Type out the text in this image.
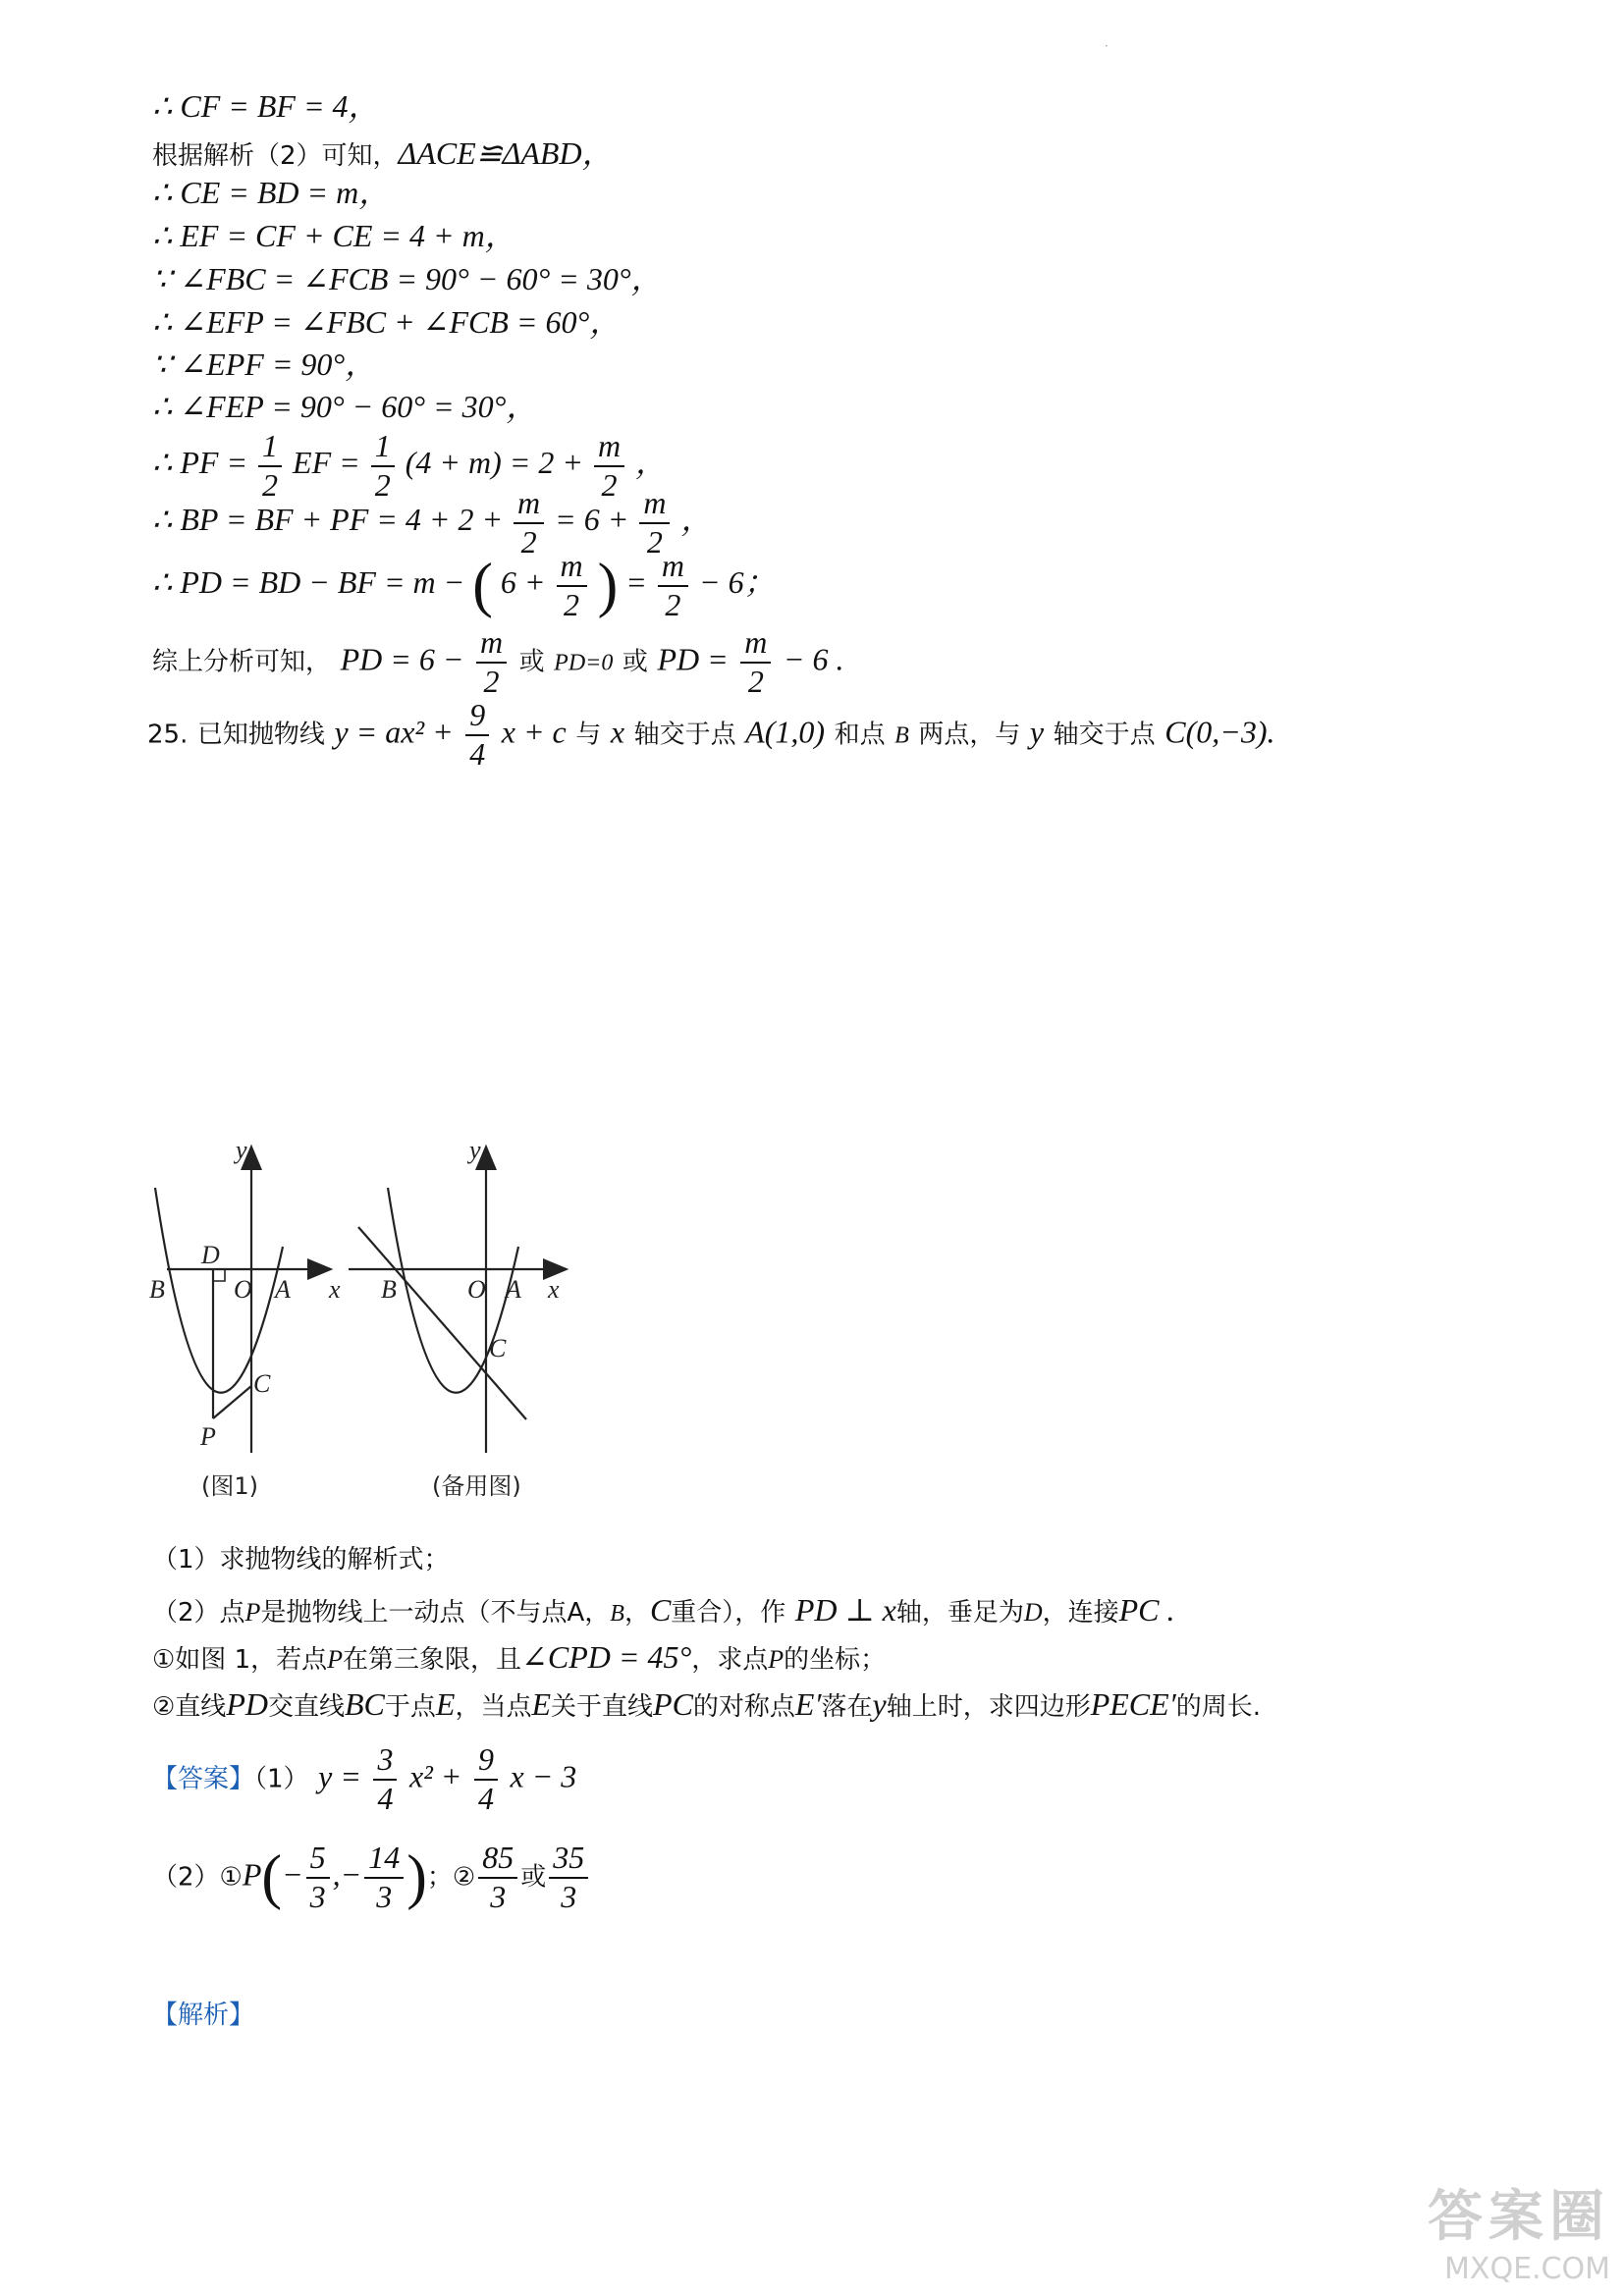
·
∴ CF = BF = 4，
根据解析（2）可知，ΔACE≌ΔABD，
∴ CE = BD = m，
∴ EF = CF + CE = 4 + m，
∵ ∠FBC = ∠FCB = 90° − 60° = 30°，
∴ ∠EFP = ∠FBC + ∠FCB = 60°，
∵ ∠EPF = 90°，
∴ ∠FEP = 90° − 60° = 30°，
∴ PF = $\frac{1}{2}$ EF = $\frac{1}{2} (4 + m) = 2 + \frac{m}{2}$ ，
∴ BP = BF + PF = $4 + 2 + \frac{m}{2} = 6 + \frac{m}{2}$ ，
∴ PD = BD − BF = m − ( $6 + \frac{m}{2}$ ) = $\frac{m}{2} - 6$；
综上分析可知， PD = $6 - \frac{m}{2}$ 或 PD=0 或 PD = $\frac{m}{2} - 6$ .
25. 已知抛物线 $y = ax^2 + \frac{9}{4}$ x + c 与 x 轴交于点 A(1,0) 和点 B 两点，与 y 轴交于点 C(0,−3).
y
x
B
D
O A
C
P
(图1)
y
x
B	O A
C
(备用图)
（1）求抛物线的解析式；
（2）点P是抛物线上一动点（不与点A，B，C重合），作 PD ⊥ x轴，垂足为D，连接PC .
①如图 1，若点P在第三象限，且∠CPD = 45°，求点P的坐标；
②直线PD交直线BC于点E，当点E关于直线PC的对称点E′落在y轴上时，求四边形PECE′的周长.
【答案】（1） $y = \frac{3}{4} x^2 + \frac{9}{4}$ x − 3
（2）①P(− $\frac{5}{3}$ ,− $\frac{14}{3}$ )；② $\frac{85}{3}$ 或 $\frac{35}{3}$
【解析】
答案圈
MXQE.COM
